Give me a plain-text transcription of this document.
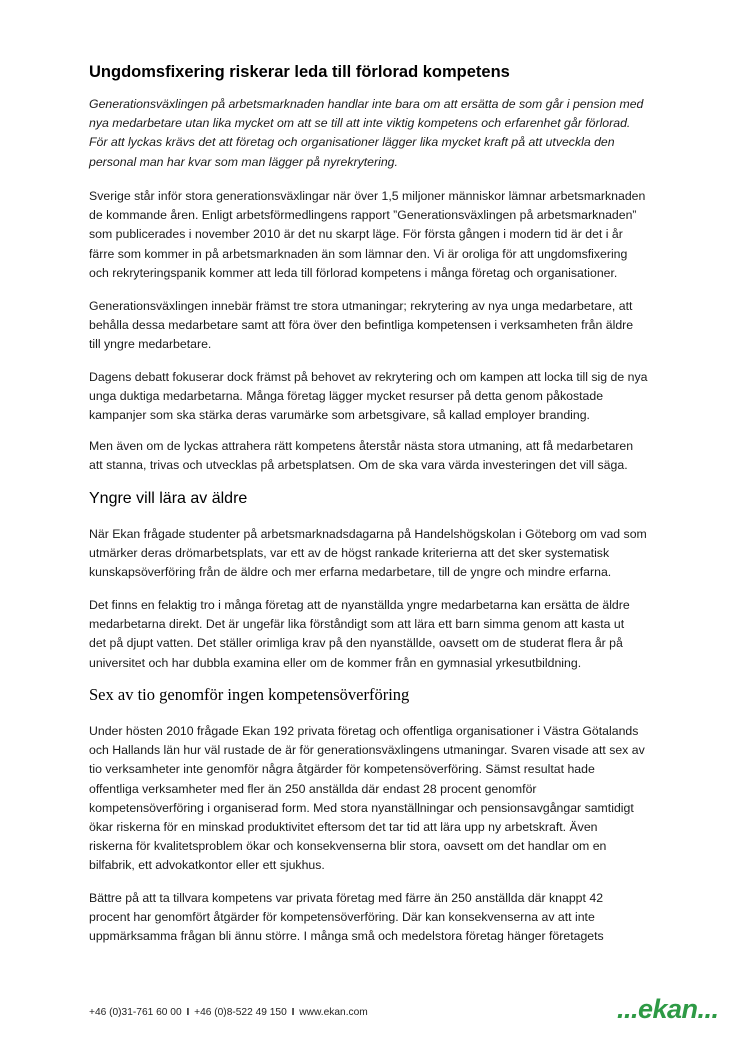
Ungdomsfixering riskerar leda till förlorad kompetens

Generationsväxlingen på arbetsmarknaden handlar inte bara om att ersätta de som går i pension med
nya medarbetare utan lika mycket om att se till att inte viktig kompetens och erfarenhet går förlorad.
För att lyckas krävs det att företag och organisationer lägger lika mycket kraft på att utveckla den
personal man har kvar som man lägger på nyrekrytering.

Sverige står inför stora generationsväxlingar när över 1,5 miljoner människor lämnar arbetsmarknaden
de kommande åren. Enligt arbetsförmedlingens rapport ”Generationsväxlingen på arbetsmarknaden”
som publicerades i november 2010 är det nu skarpt läge. För första gången i modern tid är det i år
färre som kommer in på arbetsmarknaden än som lämnar den. Vi är oroliga för att ungdomsfixering
och rekryteringspanik kommer att leda till förlorad kompetens i många företag och organisationer.

Generationsväxlingen innebär främst tre stora utmaningar; rekrytering av nya unga medarbetare, att
behålla dessa medarbetare samt att föra över den befintliga kompetensen i verksamheten från äldre
till yngre medarbetare.

Dagens debatt fokuserar dock främst på behovet av rekrytering och om kampen att locka till sig de nya
unga duktiga medarbetarna. Många företag lägger mycket resurser på detta genom påkostade
kampanjer som ska stärka deras varumärke som arbetsgivare, så kallad employer branding.

Men även om de lyckas attrahera rätt kompetens återstår nästa stora utmaning, att få medarbetaren
att stanna, trivas och utvecklas på arbetsplatsen. Om de ska vara värda investeringen det vill säga.

Yngre vill lära av äldre

När Ekan frågade studenter på arbetsmarknadsdagarna på Handelshögskolan i Göteborg om vad som
utmärker deras drömarbetsplats, var ett av de högst rankade kriterierna att det sker systematisk
kunskapsöverföring från de äldre och mer erfarna medarbetare, till de yngre och mindre erfarna.

Det finns en felaktig tro i många företag att de nyanställda yngre medarbetarna kan ersätta de äldre
medarbetarna direkt. Det är ungefär lika förståndigt som att lära ett barn simma genom att kasta ut
det på djupt vatten. Det ställer orimliga krav på den nyanställde, oavsett om de studerat flera år på
universitet och har dubbla examina eller om de kommer från en gymnasial yrkesutbildning.

Sex av tio genomför ingen kompetensöverföring

Under hösten 2010 frågade Ekan 192 privata företag och offentliga organisationer i Västra Götalands
och Hallands län hur väl rustade de är för generationsväxlingens utmaningar. Svaren visade att sex av
tio verksamheter inte genomför några åtgärder för kompetensöverföring. Sämst resultat hade
offentliga verksamheter med fler än 250 anställda där endast 28 procent genomför
kompetensöverföring i organiserad form. Med stora nyanställningar och pensionsavgångar samtidigt
ökar riskerna för en minskad produktivitet eftersom det tar tid att lära upp ny arbetskraft. Även
riskerna för kvalitetsproblem ökar och konsekvenserna blir stora, oavsett om det handlar om en
bilfabrik, ett advokatkontor eller ett sjukhus.

Bättre på att ta tillvara kompetens var privata företag med färre än 250 anställda där knappt 42
procent har genomfört åtgärder för kompetensöverföring. Där kan konsekvenserna av att inte
uppmärksamma frågan bli ännu större. I många små och medelstora företag hänger företagets

+46 (0)31-761 60 00 I +46 (0)8-522 49 150 I www.ekan.com	...ekan...
